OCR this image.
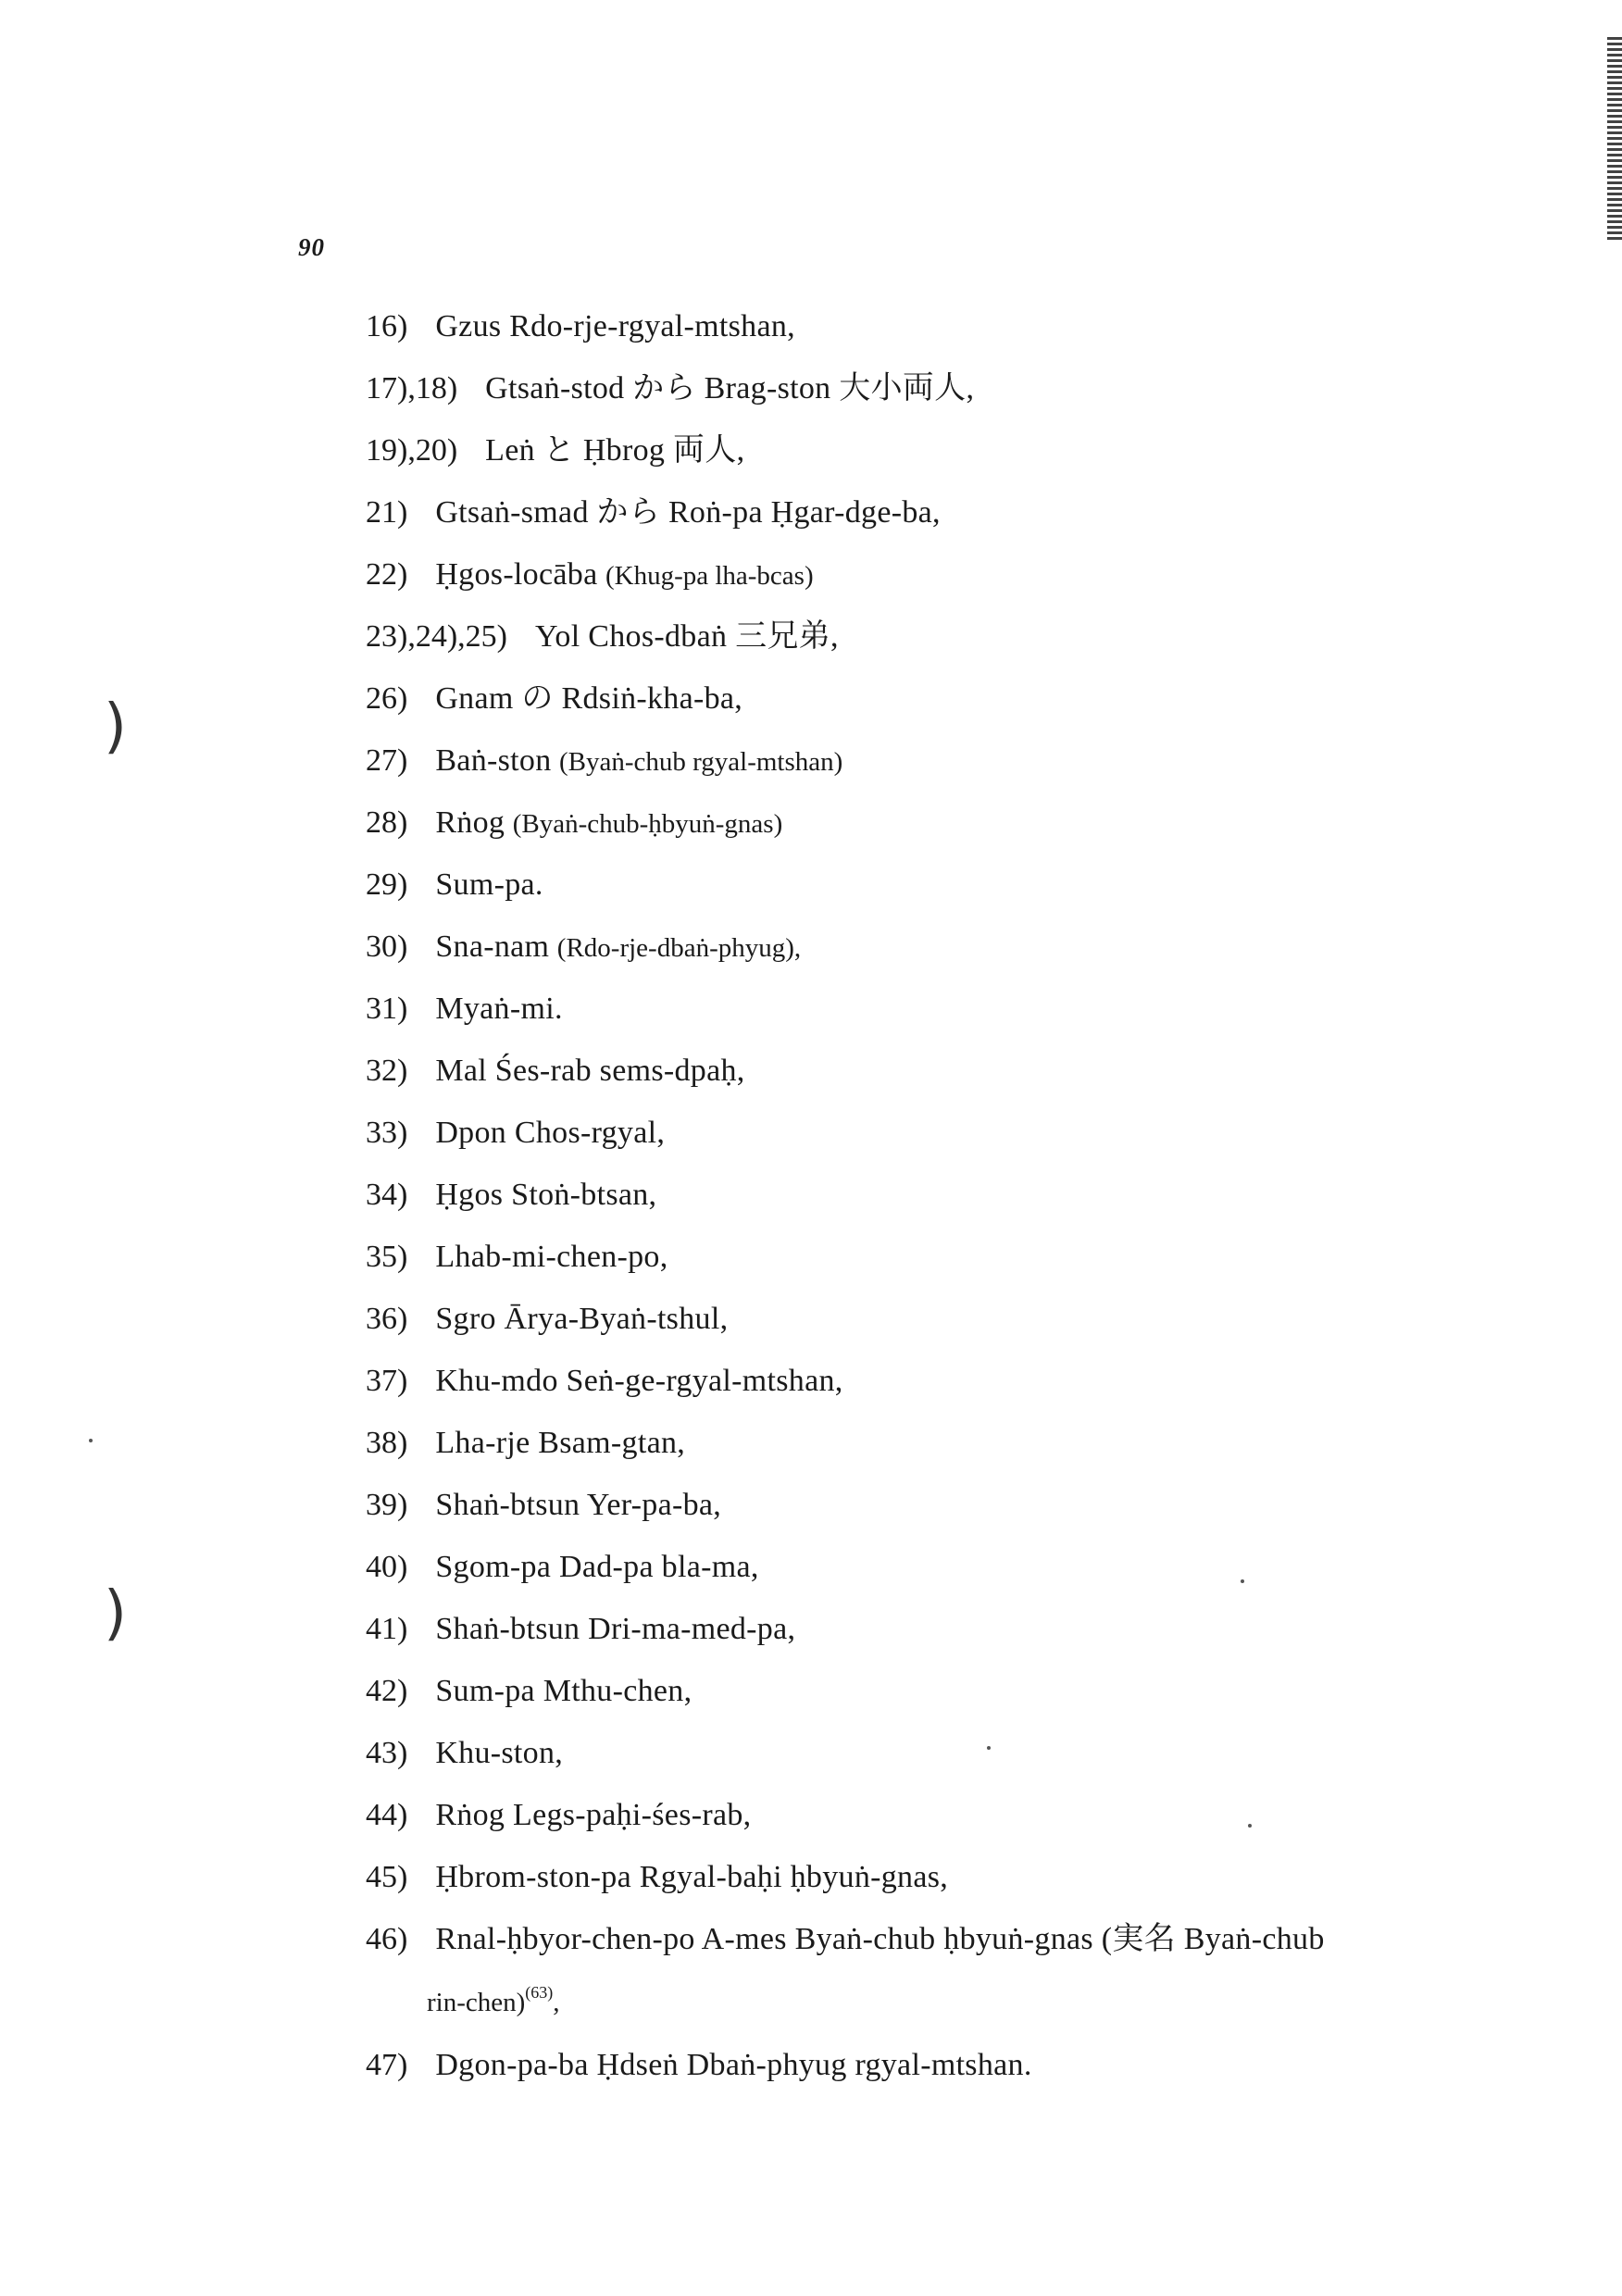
)
)
90
16) Gzus Rdo-rje-rgyal-mtshan,
17),18) Gtsaṅ-stod から Brag-ston 大小両人,
19),20) Leṅ と Ḥbrog 両人,
21) Gtsaṅ-smad から Roṅ-pa Ḥgar-dge-ba,
22) Ḥgos-locāba (Khug-pa lha-bcas)
23),24),25) Yol Chos-dbaṅ 三兄弟,
26) Gnam の Rdsiṅ-kha-ba,
27) Baṅ-ston (Byaṅ-chub rgyal-mtshan)
28) Rṅog (Byaṅ-chub-ḥbyuṅ-gnas)
29) Sum-pa.
30) Sna-nam (Rdo-rje-dbaṅ-phyug),
31) Myaṅ-mi.
32) Mal Śes-rab sems-dpaḥ,
33) Dpon Chos-rgyal,
34) Ḥgos Stoṅ-btsan,
35) Lhab-mi-chen-po,
36) Sgro Ārya-Byaṅ-tshul,
37) Khu-mdo Seṅ-ge-rgyal-mtshan,
38) Lha-rje Bsam-gtan,
39) Shaṅ-btsun Yer-pa-ba,
40) Sgom-pa Dad-pa bla-ma,
41) Shaṅ-btsun Dri-ma-med-pa,
42) Sum-pa Mthu-chen,
43) Khu-ston,
44) Rṅog Legs-paḥi-śes-rab,
45) Ḥbrom-ston-pa Rgyal-baḥi ḥbyuṅ-gnas,
46) Rnal-ḥbyor-chen-po A-mes Byaṅ-chub ḥbyuṅ-gnas (実名 Byaṅ-chub
rin-chen)$^{(63)}$,
47) Dgon-pa-ba Ḥdseṅ Dbaṅ-phyug rgyal-mtshan.
